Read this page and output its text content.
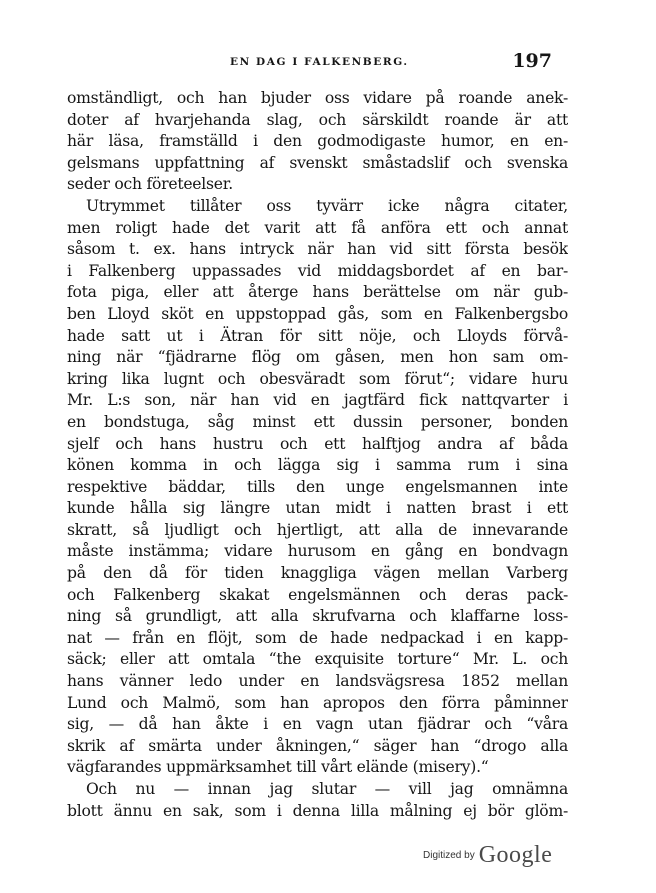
EN DAG I FALKENBERG.	197
omständligt, och han bjuder oss vidare på roande anek-
doter af hvarjehanda slag, och särskildt roande är att
här läsa, framställd i den godmodigaste humor, en en-
gelsmans uppfattning af svenskt småstadslif och svenska
seder och företeelser.
Utrymmet tillåter oss tyvärr icke några citater,
men roligt hade det varit att få anföra ett och annat
såsom t. ex. hans intryck när han vid sitt första besök
i Falkenberg uppassades vid middagsbordet af en bar-
fota piga, eller att återge hans berättelse om när gub-
ben Lloyd sköt en uppstoppad gås, som en Falkenbergsbo
hade satt ut i Ätran för sitt nöje, och Lloyds förvå-
ning när “fjädrarne flög om gåsen, men hon sam om-
kring lika lugnt och obesväradt som förut“; vidare huru
Mr. L:s son, när han vid en jagtfärd fick nattqvarter i
en bondstuga, såg minst ett dussin personer, bonden
sjelf och hans hustru och ett halftjog andra af båda
könen komma in och lägga sig i samma rum i sina
respektive bäddar, tills den unge engelsmannen inte
kunde hålla sig längre utan midt i natten brast i ett
skratt, så ljudligt och hjertligt, att alla de innevarande
måste instämma; vidare hurusom en gång en bondvagn
på den då för tiden knaggliga vägen mellan Varberg
och Falkenberg skakat engelsmännen och deras pack-
ning så grundligt, att alla skrufvarna och klaffarne loss-
nat — från en flöjt, som de hade nedpackad i en kapp-
säck; eller att omtala “the exquisite torture“ Mr. L. och
hans vänner ledo under en landsvägsresa 1852 mellan
Lund och Malmö, som han apropos den förra påminner
sig, — då han åkte i en vagn utan fjädrar och “våra
skrik af smärta under åkningen,“ säger han “drogo alla
vägfarandes uppmärksamhet till vårt elände (misery).“
Och nu — innan jag slutar — vill jag omnämna
blott ännu en sak, som i denna lilla målning ej bör glöm-
Digitized by Google
